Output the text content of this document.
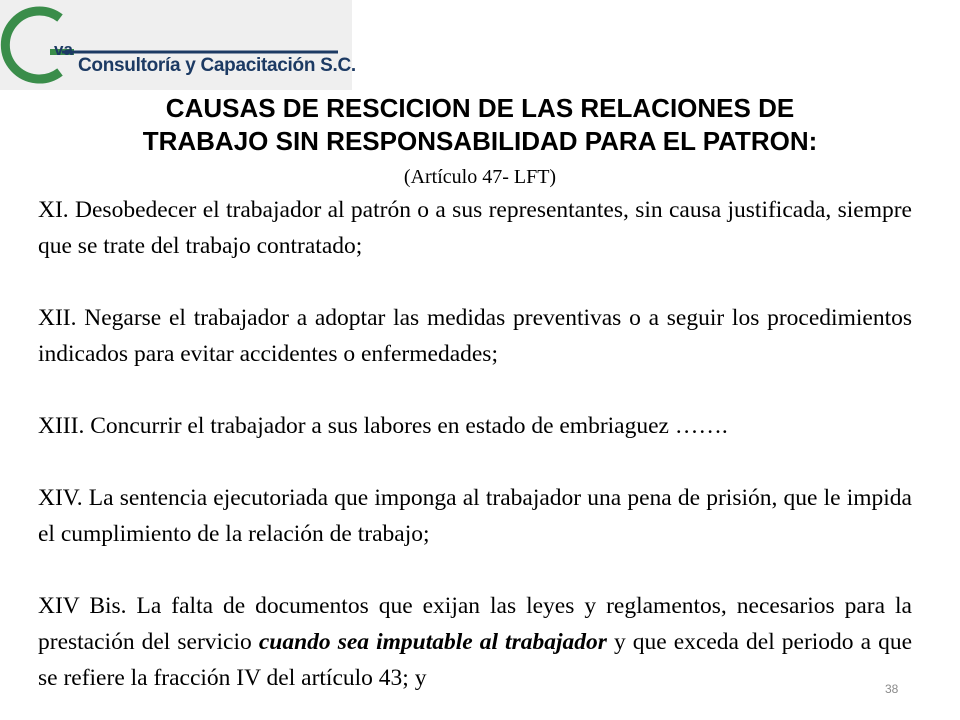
va
Consultoría y Capacitación S.C.
CAUSAS DE RESCICION DE LAS RELACIONES DE
TRABAJO SIN RESPONSABILIDAD PARA EL PATRON:
(Artículo 47- LFT)

XI. Desobedecer el trabajador al patrón o a sus representantes, sin causa justificada, siempre que se trate del trabajo contratado;

XII. Negarse el trabajador a adoptar las medidas preventivas o a seguir los procedimientos indicados para evitar accidentes o enfermedades;

XIII. Concurrir el trabajador a sus labores en estado de embriaguez …….

XIV. La sentencia ejecutoriada que imponga al trabajador una pena de prisión, que le impida el cumplimiento de la relación de trabajo;

XIV Bis. La falta de documentos que exijan las leyes y reglamentos, necesarios para la prestación del servicio cuando sea imputable al trabajador y que exceda del periodo a que se refiere la fracción IV del artículo 43; y	38
